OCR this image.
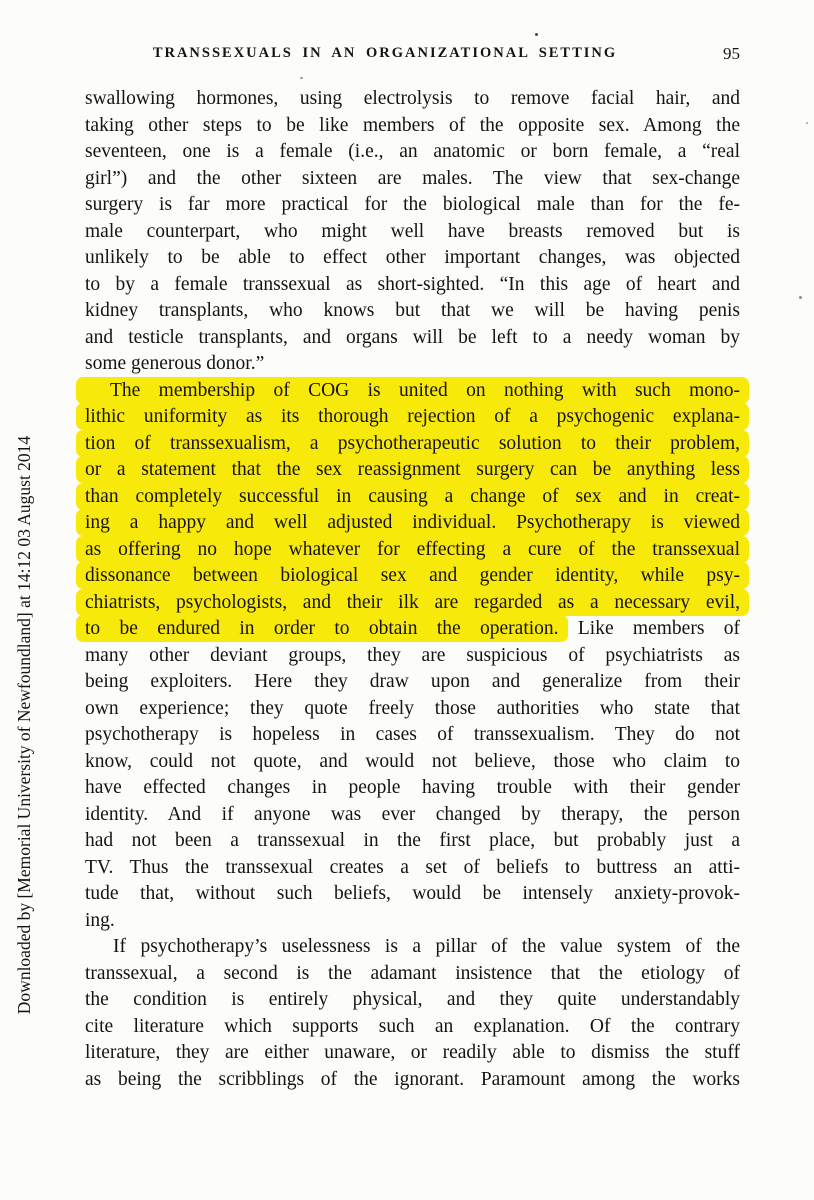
TRANSSEXUALS IN AN ORGANIZATIONAL SETTING	95
swallowing hormones, using electrolysis to remove facial hair, and
taking other steps to be like members of the opposite sex. Among the
seventeen, one is a female (i.e., an anatomic or born female, a “real
girl”) and the other sixteen are males. The view that sex-change
surgery is far more practical for the biological male than for the fe-
male counterpart, who might well have breasts removed but is
unlikely to be able to effect other important changes, was objected
to by a female transsexual as short-sighted. “In this age of heart and
kidney transplants, who knows but that we will be having penis
and testicle transplants, and organs will be left to a needy woman by
some generous donor.”
The membership of COG is united on nothing with such mono-
lithic uniformity as its thorough rejection of a psychogenic explana-
tion of transsexualism, a psychotherapeutic solution to their problem,
or a statement that the sex reassignment surgery can be anything less
than completely successful in causing a change of sex and in creat-
ing a happy and well adjusted individual. Psychotherapy is viewed
as offering no hope whatever for effecting a cure of the transsexual
dissonance between biological sex and gender identity, while psy-
chiatrists, psychologists, and their ilk are regarded as a necessary evil,
to be endured in order to obtain the operation. Like members of
many other deviant groups, they are suspicious of psychiatrists as
being exploiters. Here they draw upon and generalize from their
own experience; they quote freely those authorities who state that
psychotherapy is hopeless in cases of transsexualism. They do not
know, could not quote, and would not believe, those who claim to
have effected changes in people having trouble with their gender
identity. And if anyone was ever changed by therapy, the person
had not been a transsexual in the first place, but probably just a
TV. Thus the transsexual creates a set of beliefs to buttress an atti-
tude that, without such beliefs, would be intensely anxiety-provok-
ing.
If psychotherapy’s uselessness is a pillar of the value system of the
transsexual, a second is the adamant insistence that the etiology of
the condition is entirely physical, and they quite understandably
cite literature which supports such an explanation. Of the contrary
literature, they are either unaware, or readily able to dismiss the stuff
as being the scribblings of the ignorant. Paramount among the works
Downloaded by [Memorial University of Newfoundland] at 14:12 03 August 2014
